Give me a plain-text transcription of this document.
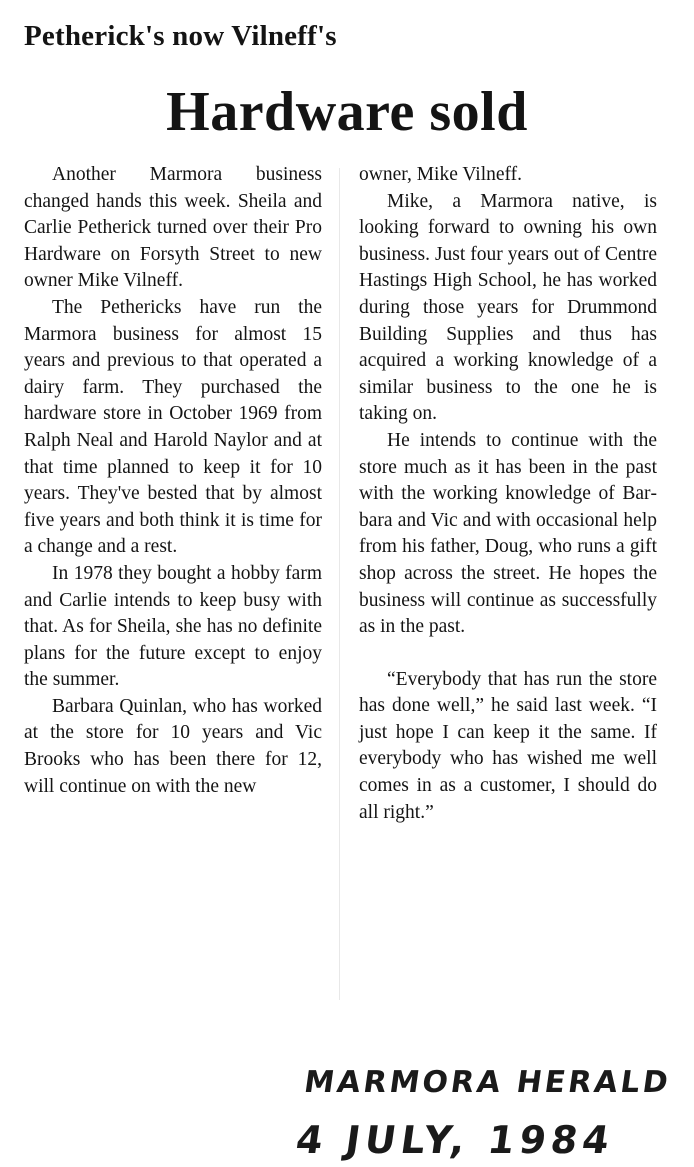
Petherick's now Vilneff's
Hardware sold

Another Marmora business changed hands this week. Sheila and Carlie Petherick turned over their Pro Hardware on Forsyth Street to new owner Mike Vilneff.

The Pethericks have run the Marmora business for almost 15 years and previous to that operated a dairy farm. They purchased the hardware store in October 1969 from Ralph Neal and Harold Naylor and at that time planned to keep it for 10 years. They've bested that by almost five years and both think it is time for a change and a rest.

In 1978 they bought a hobby farm and Carlie intends to keep busy with that. As for Sheila, she has no definite plans for the future except to enjoy the summer.

Barbara Quinlan, who has worked at the store for 10 years and Vic Brooks who has been there for 12, will continue on with the new

owner, Mike Vilneff.

Mike, a Marmora native, is looking forward to owning his own business. Just four years out of Centre Hastings High School, he has worked during those years for Drummond Building Supplies and thus has acquired a working knowledge of a similar business to the one he is taking on.

He intends to continue with the store much as it has been in the past with the working knowledge of Barbara and Vic and with occasional help from his father, Doug, who runs a gift shop across the street. He hopes the business will continue as successfully as in the past.

“Everybody that has run the store has done well,” he said last week. “I just hope I can keep it the same. If everybody who has wished me well comes in as a customer, I should do all right.”

MARMORA HERALD
4 JULY, 1984
